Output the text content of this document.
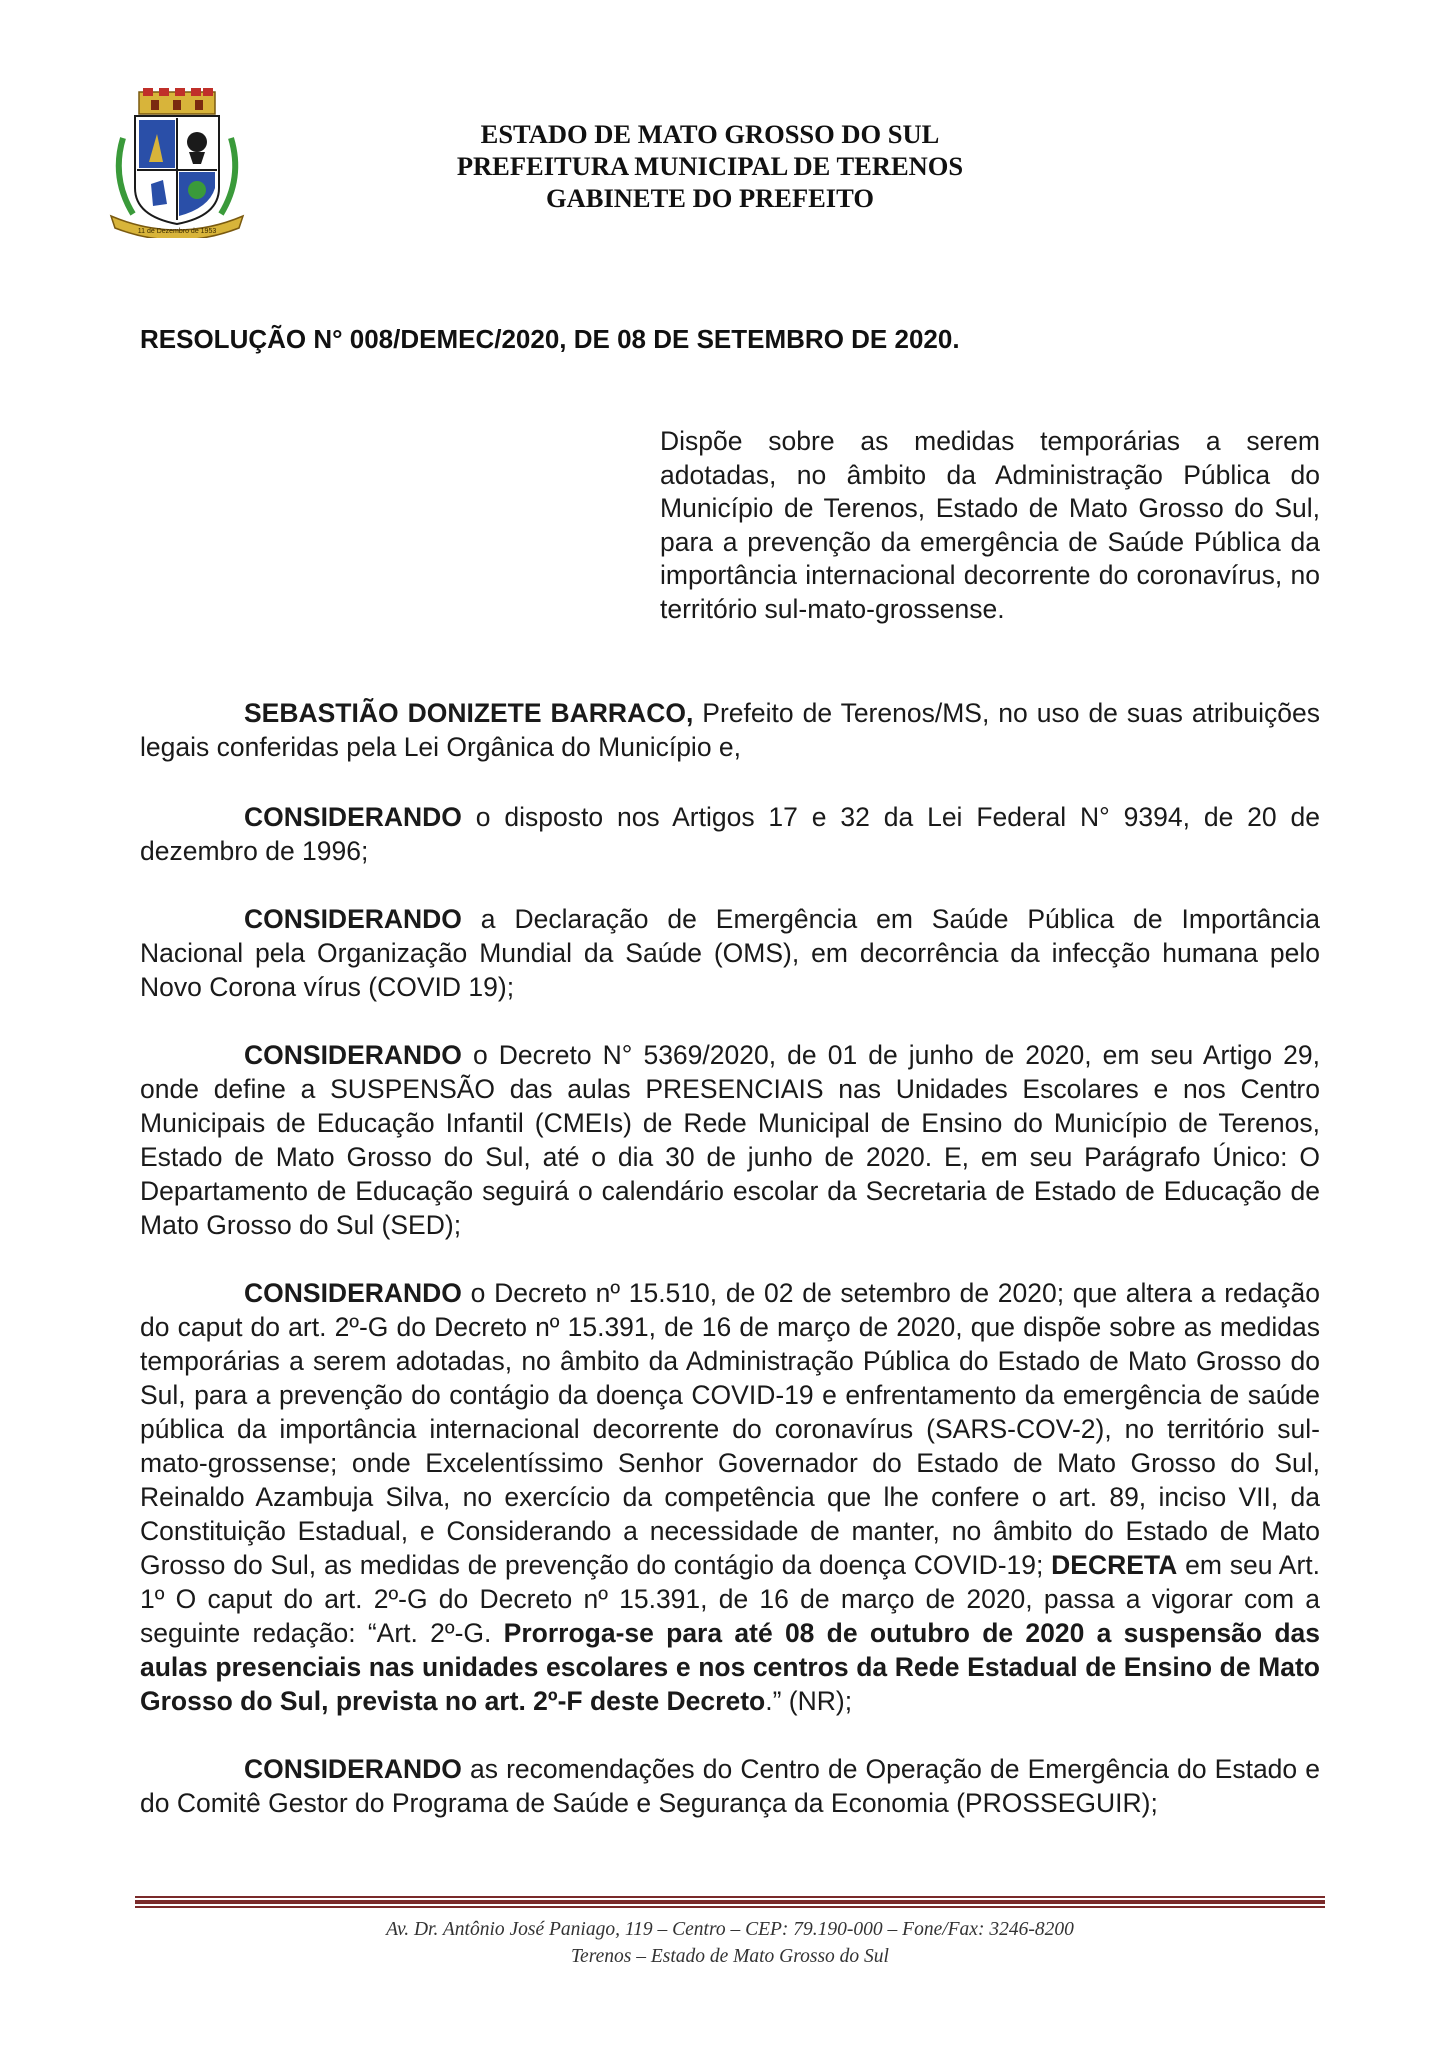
11 de Dezembro de 1953
ESTADO DE MATO GROSSO DO SUL
PREFEITURA MUNICIPAL DE TERENOS
GABINETE DO PREFEITO
RESOLUÇÃO N° 008/DEMEC/2020, DE 08 DE SETEMBRO DE 2020.
Dispõe sobre as medidas temporárias a serem adotadas, no âmbito da Administração Pública do Município de Terenos, Estado de Mato Grosso do Sul, para a prevenção da emergência de Saúde Pública da importância internacional decorrente do coronavírus, no território sul-mato-grossense.

SEBASTIÃO DONIZETE BARRACO, Prefeito de Terenos/MS, no uso de suas atribuições legais conferidas pela Lei Orgânica do Município e,

CONSIDERANDO o disposto nos Artigos 17 e 32 da Lei Federal N° 9394, de 20 de dezembro de 1996;

CONSIDERANDO a Declaração de Emergência em Saúde Pública de Importância Nacional pela Organização Mundial da Saúde (OMS), em decorrência da infecção humana pelo Novo Corona vírus (COVID 19);

CONSIDERANDO o Decreto N° 5369/2020, de 01 de junho de 2020, em seu Artigo 29, onde define a SUSPENSÃO das aulas PRESENCIAIS nas Unidades Escolares e nos Centro Municipais de Educação Infantil (CMEIs) de Rede Municipal de Ensino do Município de Terenos, Estado de Mato Grosso do Sul, até o dia 30 de junho de 2020. E, em seu Parágrafo Único: O Departamento de Educação seguirá o calendário escolar da Secretaria de Estado de Educação de Mato Grosso do Sul (SED);

CONSIDERANDO o Decreto nº 15.510, de 02 de setembro de 2020; que altera a redação do caput do art. 2º-G do Decreto nº 15.391, de 16 de março de 2020, que dispõe sobre as medidas temporárias a serem adotadas, no âmbito da Administração Pública do Estado de Mato Grosso do Sul, para a prevenção do contágio da doença COVID-19 e enfrentamento da emergência de saúde pública da importância internacional decorrente do coronavírus (SARS-COV-2), no território sul-mato-grossense; onde Excelentíssimo Senhor Governador do Estado de Mato Grosso do Sul, Reinaldo Azambuja Silva, no exercício da competência que lhe confere o art. 89, inciso VII, da Constituição Estadual, e Considerando a necessidade de manter, no âmbito do Estado de Mato Grosso do Sul, as medidas de prevenção do contágio da doença COVID-19; DECRETA em seu Art. 1º O caput do art. 2º-G do Decreto nº 15.391, de 16 de março de 2020, passa a vigorar com a seguinte redação: “Art. 2º-G. Prorroga-se para até 08 de outubro de 2020 a suspensão das aulas presenciais nas unidades escolares e nos centros da Rede Estadual de Ensino de Mato Grosso do Sul, prevista no art. 2º-F deste Decreto.” (NR);

CONSIDERANDO as recomendações do Centro de Operação de Emergência do Estado e do Comitê Gestor do Programa de Saúde e Segurança da Economia (PROSSEGUIR);

Av. Dr. Antônio José Paniago, 119 – Centro – CEP: 79.190-000 – Fone/Fax: 3246-8200
Terenos – Estado de Mato Grosso do Sul
